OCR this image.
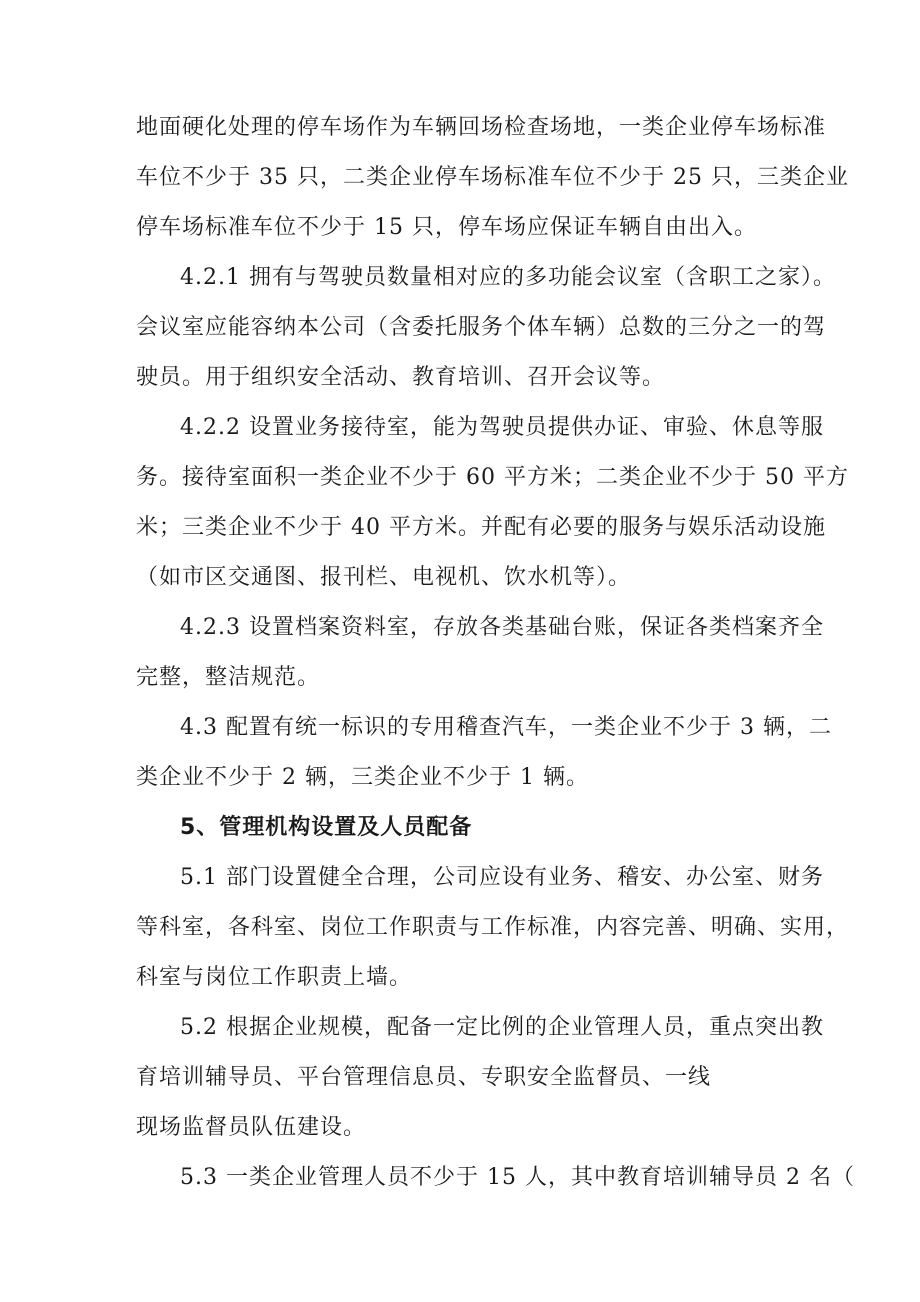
地面硬化处理的停车场作为车辆回场检查场地，一类企业停车场标准
车位不少于 35 只，二类企业停车场标准车位不少于 25 只，三类企业
停车场标准车位不少于 15 只，停车场应保证车辆自由出入。
4.2.1 拥有与驾驶员数量相对应的多功能会议室（含职工之家）。
会议室应能容纳本公司（含委托服务个体车辆）总数的三分之一的驾
驶员。用于组织安全活动、教育培训、召开会议等。
4.2.2 设置业务接待室，能为驾驶员提供办证、审验、休息等服
务。接待室面积一类企业不少于 60 平方米；二类企业不少于 50 平方
米；三类企业不少于 40 平方米。并配有必要的服务与娱乐活动设施
（如市区交通图、报刊栏、电视机、饮水机等）。
4.2.3 设置档案资料室，存放各类基础台账，保证各类档案齐全
完整，整洁规范。
4.3 配置有统一标识的专用稽查汽车，一类企业不少于 3 辆，二
类企业不少于 2 辆，三类企业不少于 1 辆。
5、管理机构设置及人员配备
5.1 部门设置健全合理，公司应设有业务、稽安、办公室、财务
等科室，各科室、岗位工作职责与工作标准，内容完善、明确、实用，
科室与岗位工作职责上墙。
5.2 根据企业规模，配备一定比例的企业管理人员，重点突出教
育培训辅导员、平台管理信息员、专职安全监督员、一线
现场监督员队伍建设。
5.3 一类企业管理人员不少于 15 人，其中教育培训辅导员 2 名（
